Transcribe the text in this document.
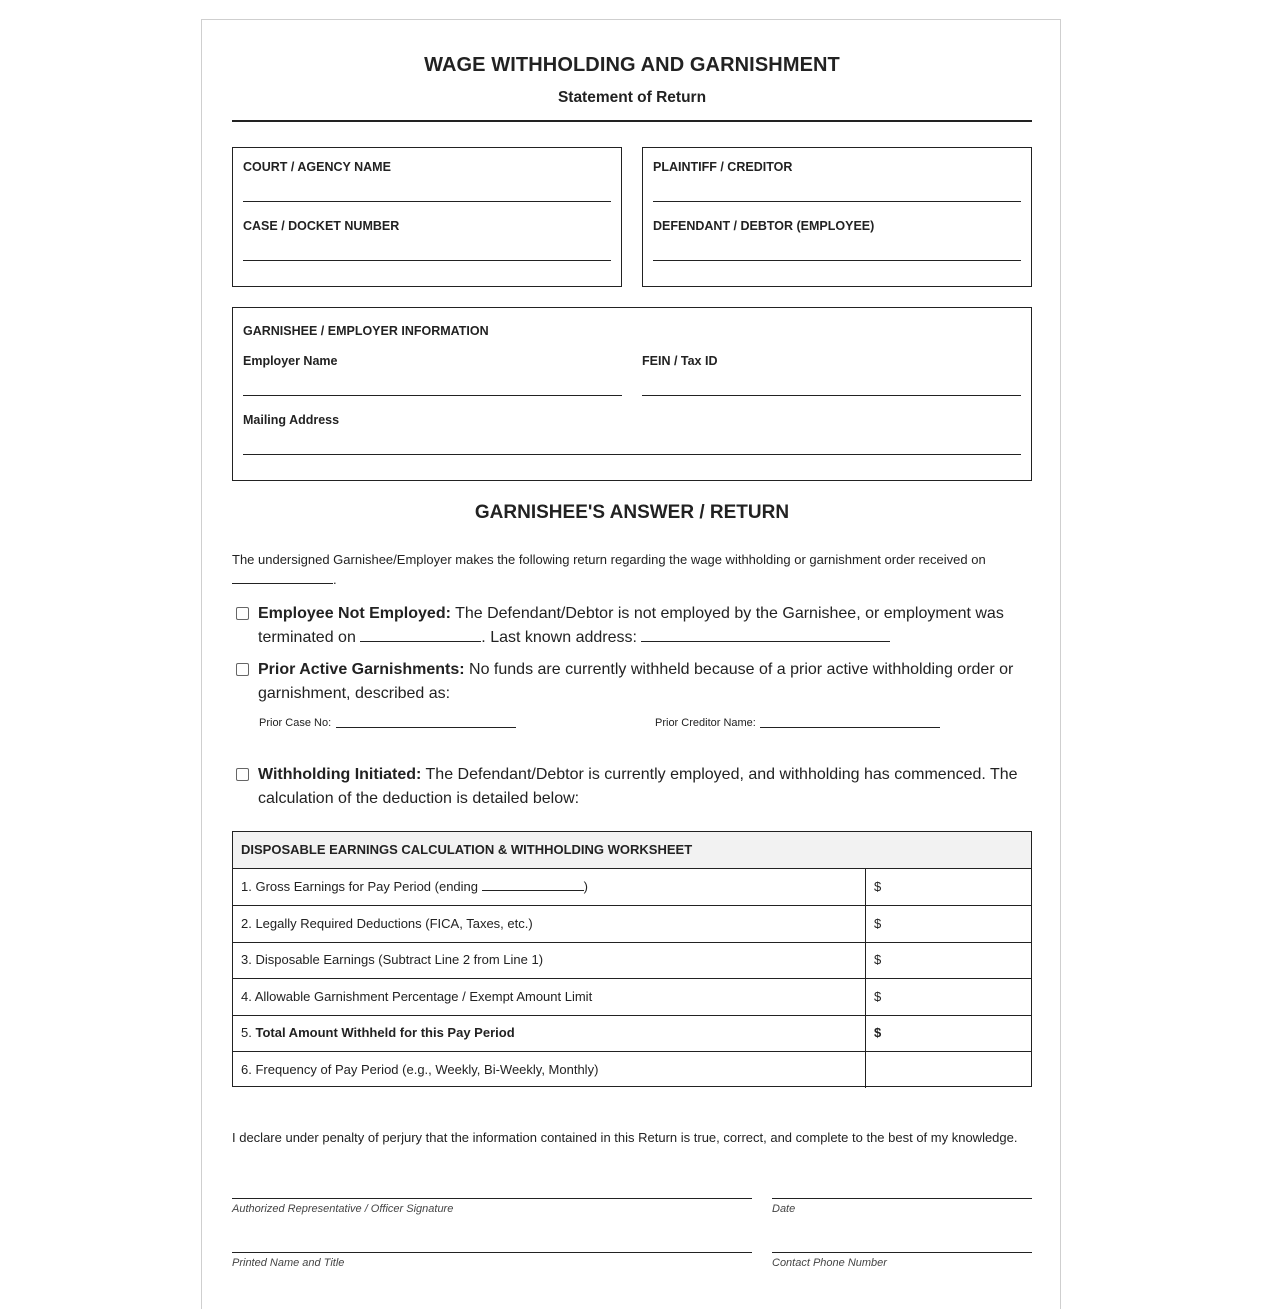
WAGE WITHHOLDING AND GARNISHMENT
Statement of Return
COURT / AGENCY NAME
CASE / DOCKET NUMBER
PLAINTIFF / CREDITOR
DEFENDANT / DEBTOR (EMPLOYEE)
GARNISHEE / EMPLOYER INFORMATION
Employer Name	FEIN / Tax ID
Mailing Address
GARNISHEE'S ANSWER / RETURN
The undersigned Garnishee/Employer makes the following return regarding the wage withholding or garnishment order received on
.
Employee Not Employed: The Defendant/Debtor is not employed by the Garnishee, or employment was terminated on	. Last known address:
Prior Active Garnishments: No funds are currently withheld because of a prior active withholding order or garnishment, described as:
Prior Case No:	Prior Creditor Name:
Withholding Initiated: The Defendant/Debtor is currently employed, and withholding has commenced. The calculation of the deduction is detailed below:
DISPOSABLE EARNINGS CALCULATION & WITHHOLDING WORKSHEET
1. Gross Earnings for Pay Period (ending	)	$
2. Legally Required Deductions (FICA, Taxes, etc.)	$
3. Disposable Earnings (Subtract Line 2 from Line 1)	$
4. Allowable Garnishment Percentage / Exempt Amount Limit	$
5. Total Amount Withheld for this Pay Period	$
6. Frequency of Pay Period (e.g., Weekly, Bi-Weekly, Monthly)
I declare under penalty of perjury that the information contained in this Return is true, correct, and complete to the best of my knowledge.
Authorized Representative / Officer Signature	Date
Printed Name and Title	Contact Phone Number
